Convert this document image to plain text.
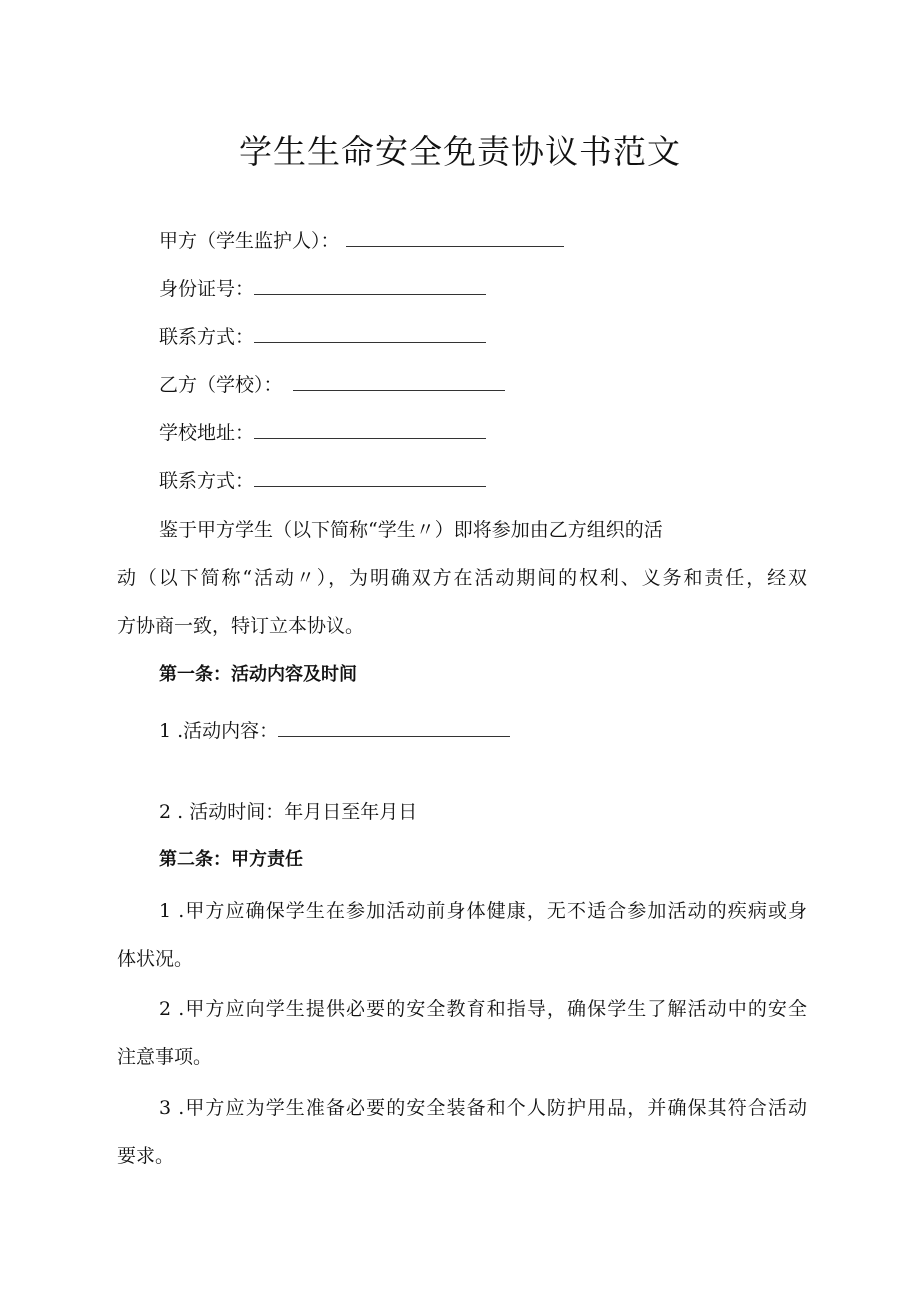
学生生命安全免责协议书范文
甲方（学生监护人）：
身份证号：
联系方式：
乙方（学校）：
学校地址：
联系方式：
鉴于甲方学生（以下简称“学生〃）即将参加由乙方组织的活
动（以下简称“活动〃），为明确双方在活动期间的权利、义务和责任，经双
方协商一致，特订立本协议。
第一条：活动内容及时间
1 .活动内容：
2 . 活动时间：年月日至年月日
第二条：甲方责任
1 .甲方应确保学生在参加活动前身体健康，无不适合参加活动的疾病或身
体状况。
2 .甲方应向学生提供必要的安全教育和指导，确保学生了解活动中的安全
注意事项。
3 .甲方应为学生准备必要的安全装备和个人防护用品，并确保其符合活动
要求。
